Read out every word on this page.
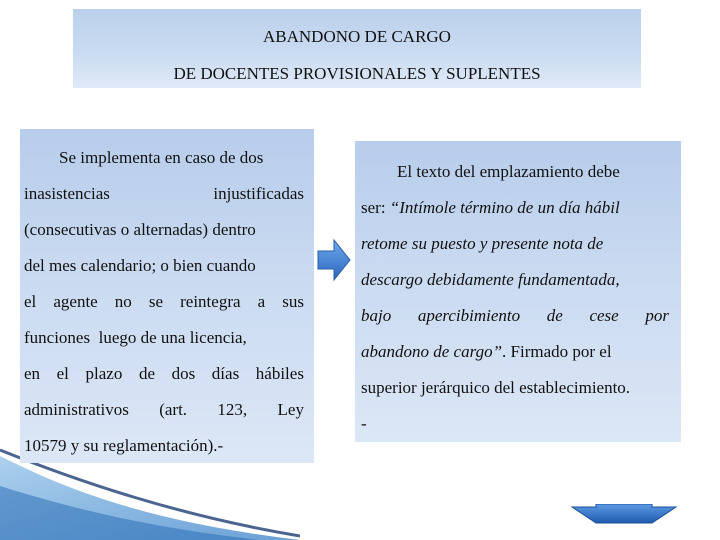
ABANDONO DE CARGO
DE DOCENTES PROVISIONALES Y SUPLENTES
Se implementa en caso de dos
inasistencias	injustificadas
(consecutivas o alternadas) dentro
del mes calendario; o bien cuando
el agente no se reintegra a sus
funciones  luego de una licencia,
en el plazo de dos días hábiles
administrativos (art. 123, Ley
10579 y su reglamentación).-
El texto del emplazamiento debe
ser: “Intímole término de un día hábil
retome su puesto y presente nota de
descargo debidamente fundamentada,
bajo apercibimiento de cese por
abandono de cargo”. Firmado por el
superior jerárquico del establecimiento.
-
